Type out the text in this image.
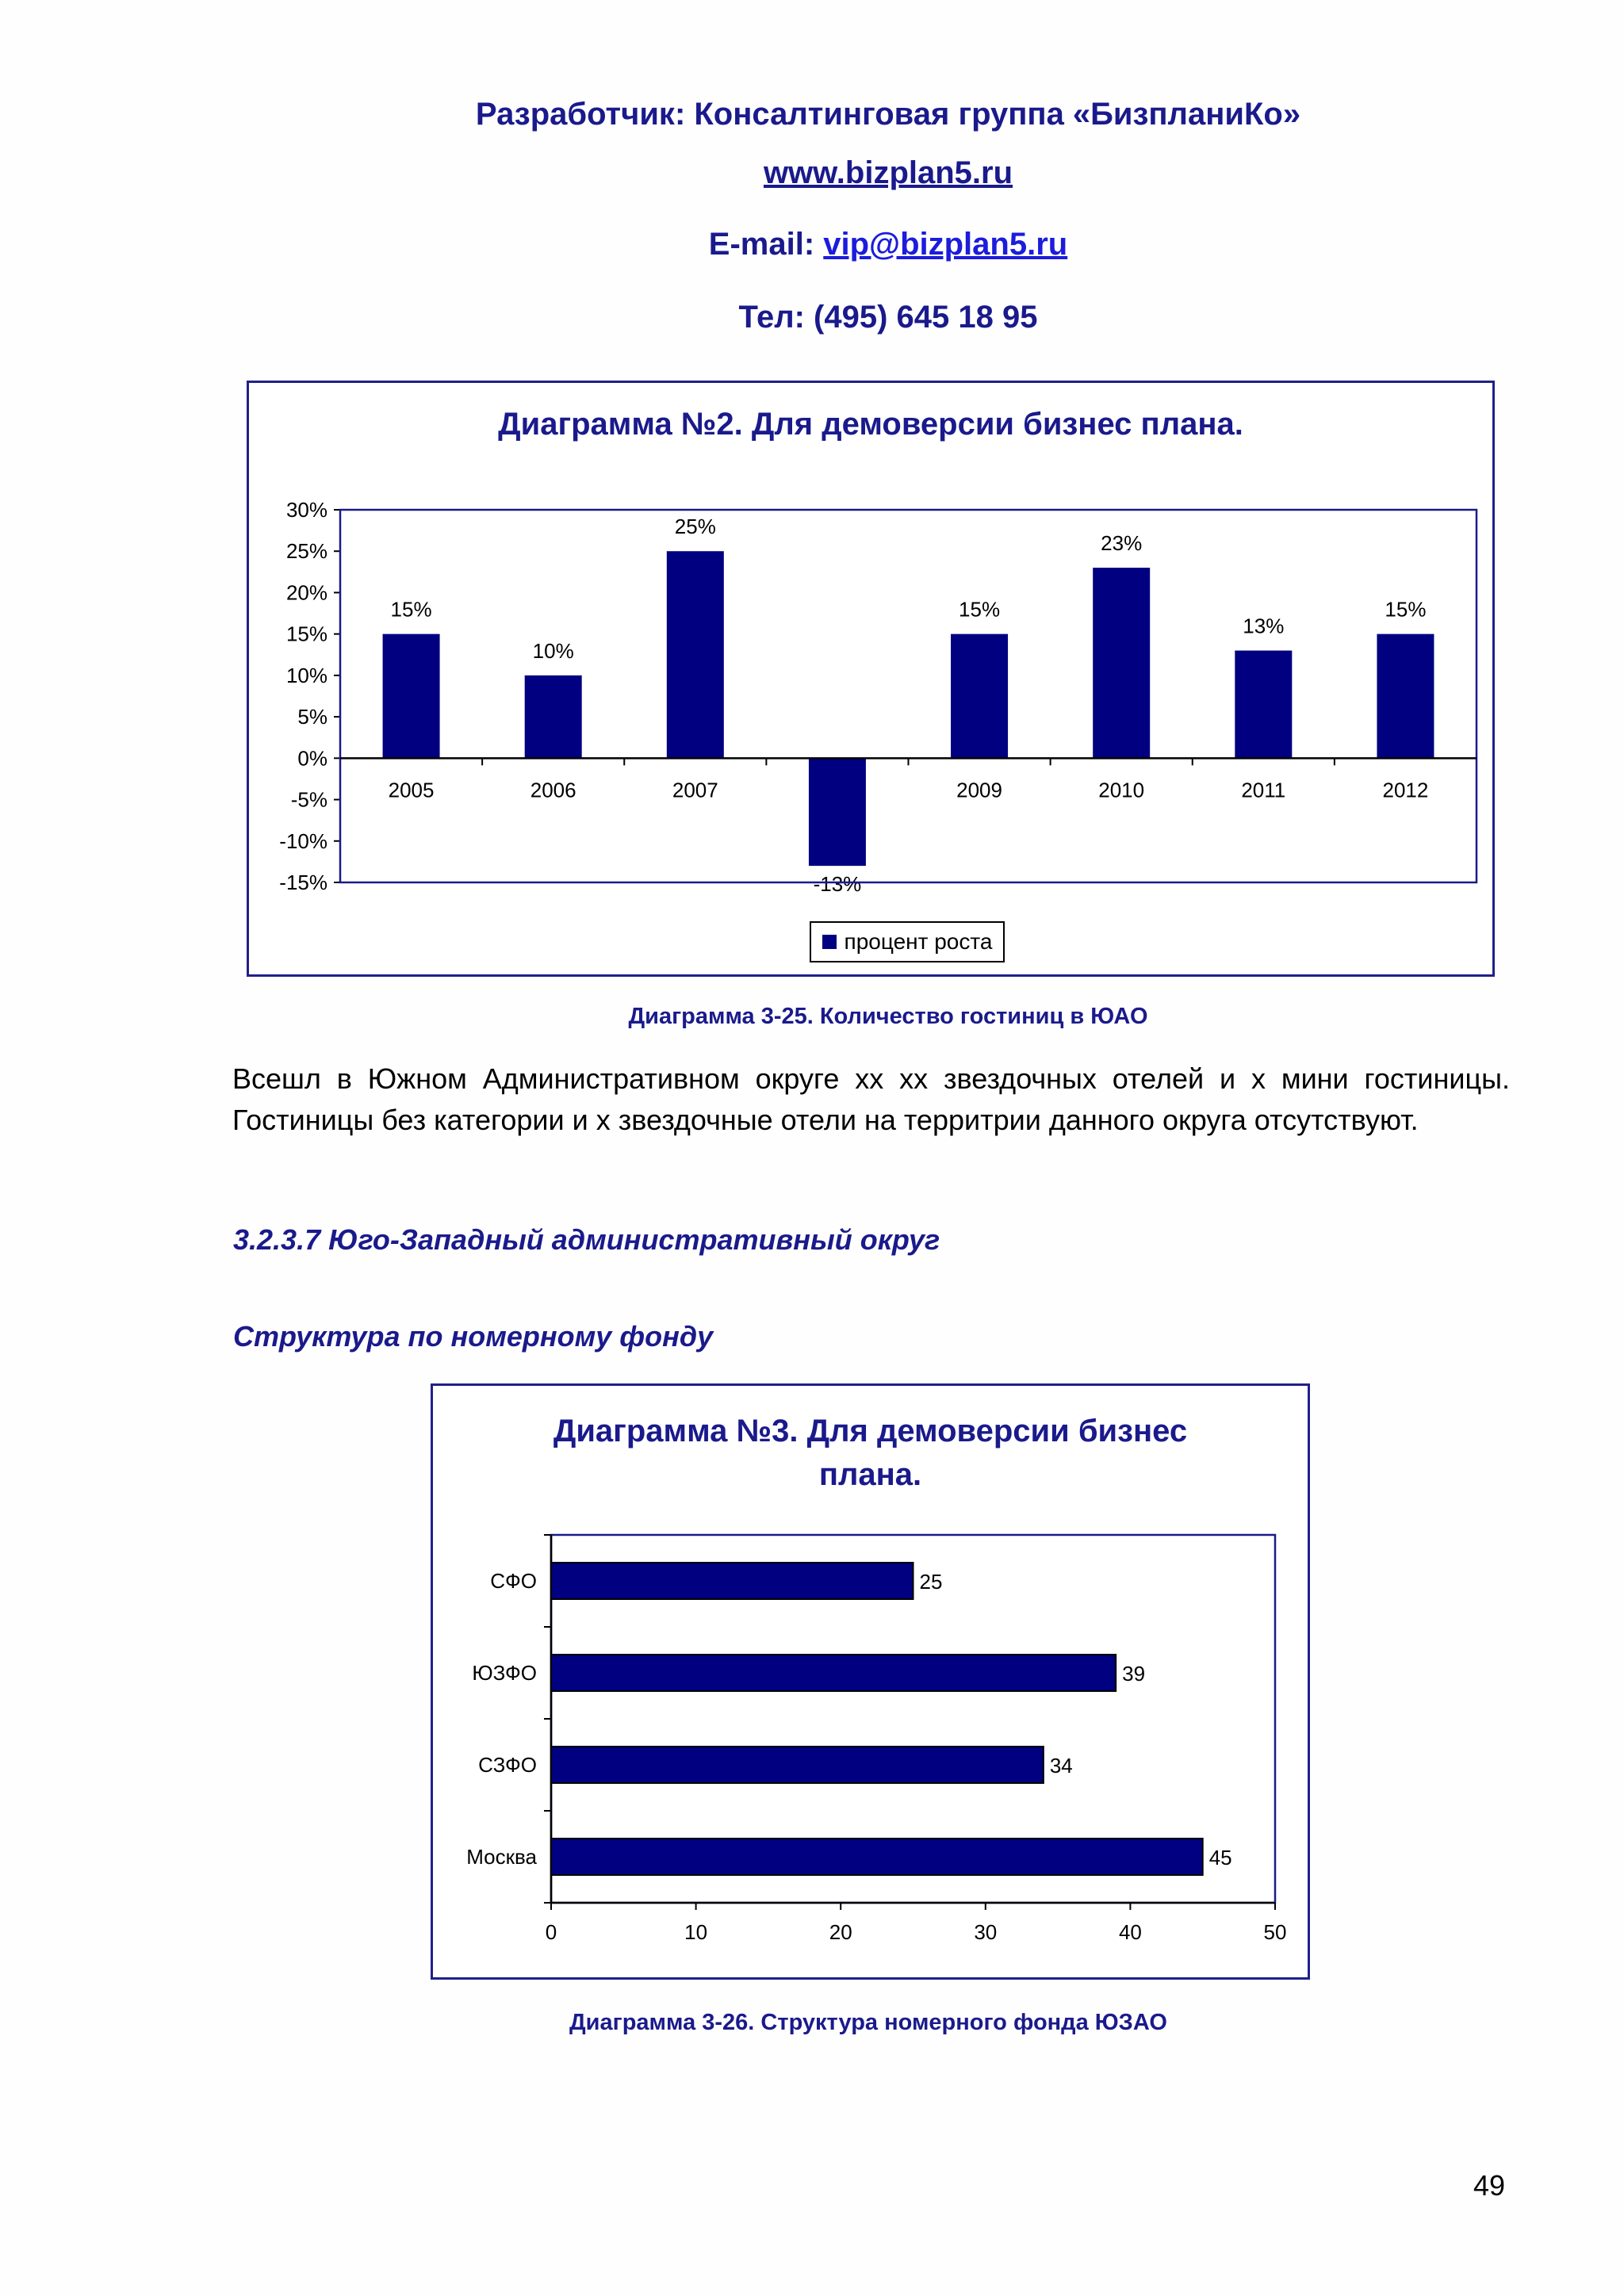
Разработчик: Консалтинговая группа «БизпланиКо»
www.bizplan5.ru
E-mail: vip@bizplan5.ru
Тел: (495) 645 18 95
Диаграмма №2. Для демоверсии бизнес плана.
30%
25%
20%
15%
10%
5%
0%
-5%
-10%
-15%
15%
2005
10%
2006
25%
2007
-13%
15%
2009
23%
2010
13%
2011
15%
2012
процент роста
Диаграмма 3-25. Количество гостиниц в ЮАО
Всешл в Южном Административном округе хх хх звездочных отелей и х мини гостиницы.
Гостиницы без категории и х звездочные отели на территрии данного округа отсутствуют.
3.2.3.7 Юго-Западный административный округ
Структура по номерному фонду
Диаграмма №3. Для демоверсии бизнес
плана.
0	10	20	30	40	50
25
СФО
39
ЮЗФО
34
СЗФО
45
Москва
Диаграмма 3-26. Структура номерного фонда ЮЗАО
49
